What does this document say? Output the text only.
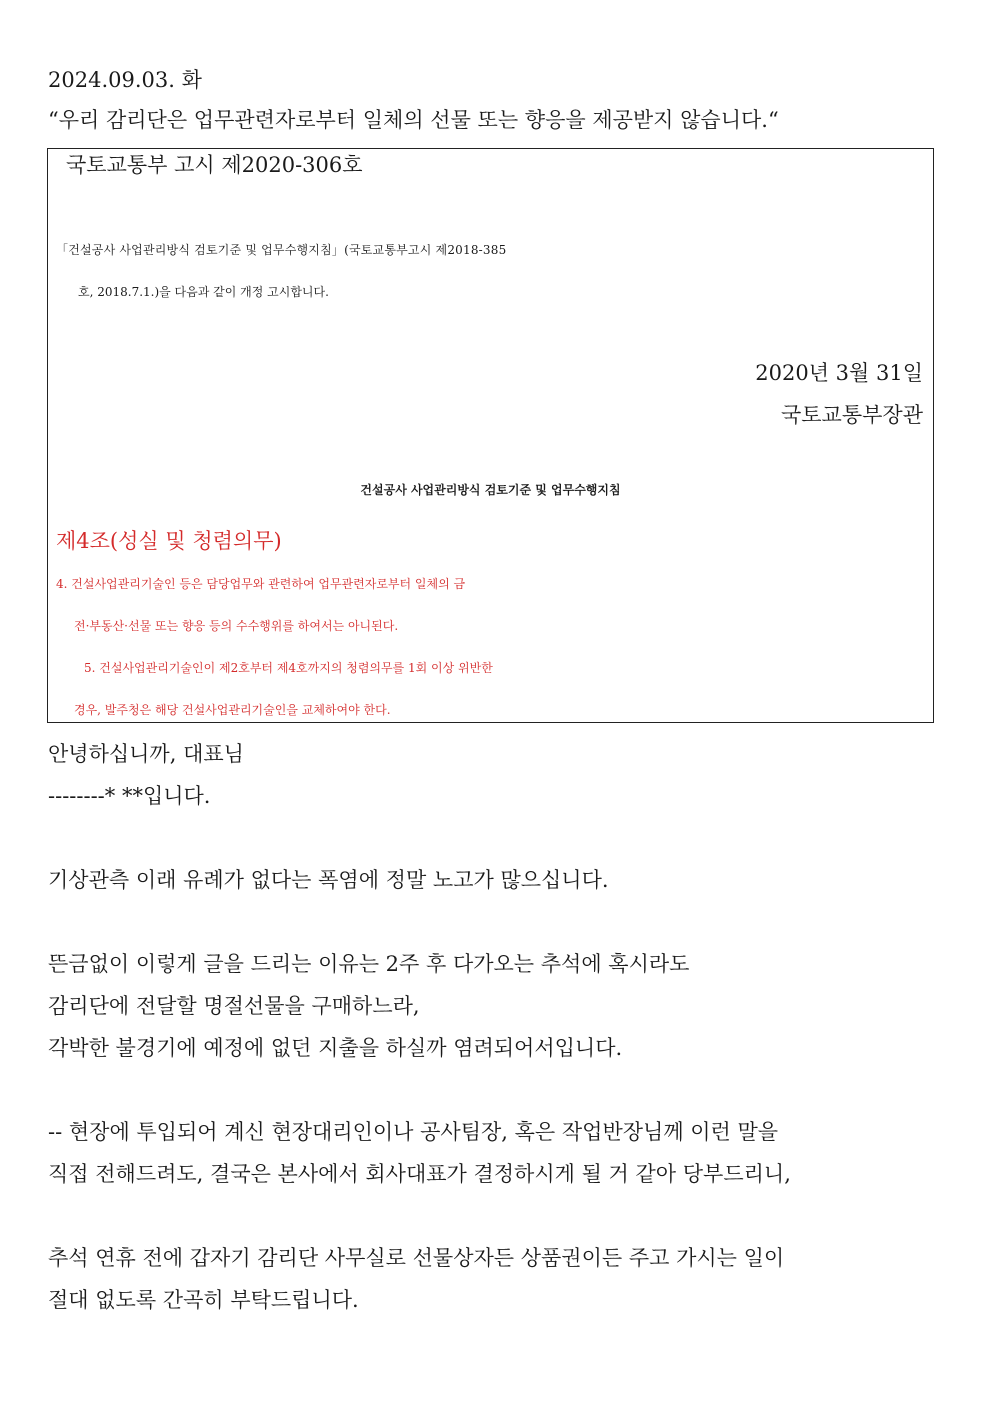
2024.09.03. 화
“우리 감리단은 업무관련자로부터 일체의 선물 또는 향응을 제공받지 않습니다.“
국토교통부 고시 제2020-306호
「건설공사 사업관리방식 검토기준 및 업무수행지침」(국토교통부고시 제2018-385
호, 2018.7.1.)을 다음과 같이 개정 고시합니다.
2020년 3월 31일
국토교통부장관
건설공사 사업관리방식 검토기준 및 업무수행지침
제4조(성실 및 청렴의무)
4. 건설사업관리기술인 등은 담당업무와 관련하여 업무관련자로부터 일체의 금
전·부동산·선물 또는 향응 등의 수수행위를 하여서는 아니된다.
5. 건설사업관리기술인이 제2호부터 제4호까지의 청렴의무를 1회 이상 위반한
경우, 발주청은 해당 건설사업관리기술인을 교체하여야 한다.
안녕하십니까, 대표님
--------* **입니다.
기상관측 이래 유례가 없다는 폭염에 정말 노고가 많으십니다.
뜬금없이 이렇게 글을 드리는 이유는 2주 후 다가오는 추석에 혹시라도
감리단에 전달할 명절선물을 구매하느라,
각박한 불경기에 예정에 없던 지출을 하실까 염려되어서입니다.
-- 현장에 투입되어 계신 현장대리인이나 공사팀장, 혹은 작업반장님께 이런 말을
직접 전해드려도, 결국은 본사에서 회사대표가 결정하시게 될 거 같아 당부드리니,
추석 연휴 전에 갑자기 감리단 사무실로 선물상자든 상품권이든 주고 가시는 일이
절대 없도록 간곡히 부탁드립니다.
